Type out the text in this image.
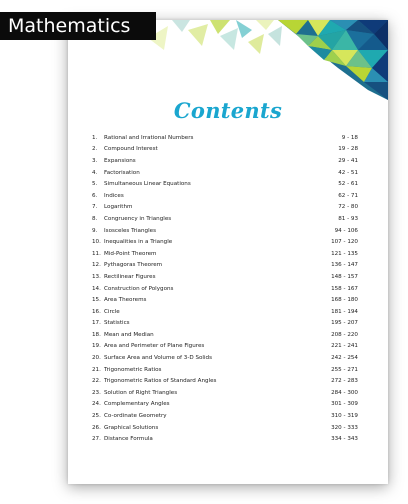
Mathematics
Contents
1. Rational and Irrational Numbers	9 - 18
2. Compound Interest	19 - 28
3. Expansions	29 - 41
4. Factorisation	42 - 51
5. Simultaneous Linear Equations	52 - 61
6. Indices	62 - 71
7. Logarithm	72 - 80
8. Congruency in Triangles	81 - 93
9. Isosceles Triangles	94 - 106
10. Inequalities in a Triangle	107 - 120
11. Mid-Point Theorem	121 - 135
12. Pythagoras Theorem	136 - 147
13. Rectilinear Figures	148 - 157
14. Construction of Polygons	158 - 167
15. Area Theorems	168 - 180
16. Circle	181 - 194
17. Statistics	195 - 207
18. Mean and Median	208 - 220
19. Area and Perimeter of Plane Figures	221 - 241
20. Surface Area and Volume of 3-D Solids	242 - 254
21. Trigonometric Ratios	255 - 271
22. Trigonometric Ratios of Standard Angles	272 - 283
23. Solution of Right Triangles	284 - 300
24. Complementary Angles	301 - 309
25. Co-ordinate Geometry	310 - 319
26. Graphical Solutions	320 - 333
27. Distance Formula	334 - 343
